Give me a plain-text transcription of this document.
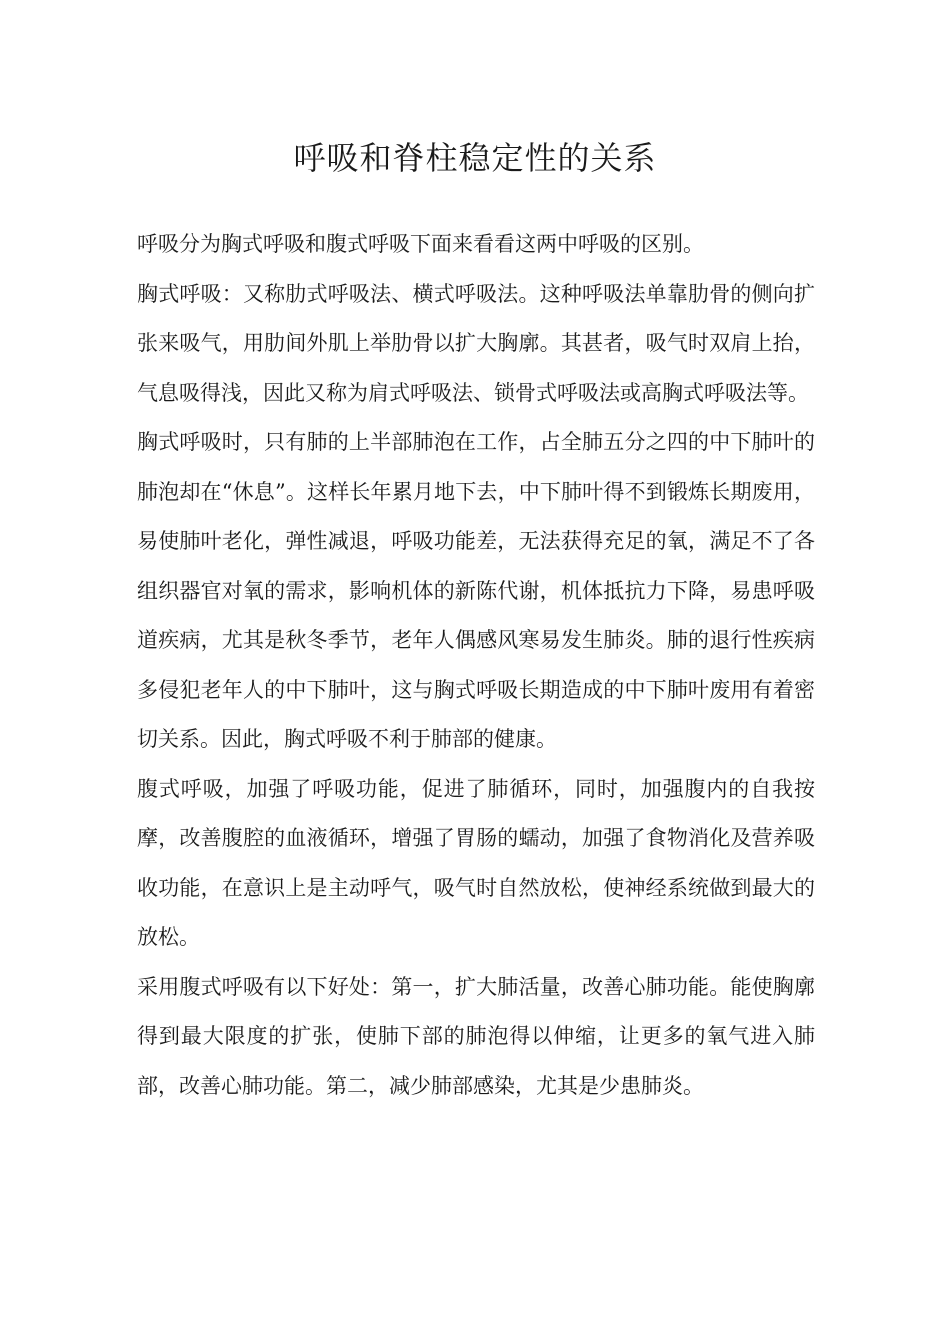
呼吸和脊柱稳定性的关系

呼吸分为胸式呼吸和腹式呼吸下面来看看这两中呼吸的区别。

胸式呼吸：又称肋式呼吸法、横式呼吸法。这种呼吸法单靠肋骨的侧向扩张来吸气，用肋间外肌上举肋骨以扩大胸廓。其甚者，吸气时双肩上抬，气息吸得浅，因此又称为肩式呼吸法、锁骨式呼吸法或高胸式呼吸法等。

胸式呼吸时，只有肺的上半部肺泡在工作，占全肺五分之四的中下肺叶的肺泡却在“休息”。这样长年累月地下去，中下肺叶得不到锻炼长期废用，易使肺叶老化，弹性减退，呼吸功能差，无法获得充足的氧，满足不了各组织器官对氧的需求，影响机体的新陈代谢，机体抵抗力下降，易患呼吸道疾病，尤其是秋冬季节，老年人偶感风寒易发生肺炎。肺的退行性疾病多侵犯老年人的中下肺叶，这与胸式呼吸长期造成的中下肺叶废用有着密切关系。因此，胸式呼吸不利于肺部的健康。

腹式呼吸，加强了呼吸功能，促进了肺循环，同时，加强腹内的自我按摩，改善腹腔的血液循环，增强了胃肠的蠕动，加强了食物消化及营养吸收功能，在意识上是主动呼气，吸气时自然放松，使神经系统做到最大的放松。

采用腹式呼吸有以下好处：第一，扩大肺活量，改善心肺功能。能使胸廓得到最大限度的扩张，使肺下部的肺泡得以伸缩，让更多的氧气进入肺部，改善心肺功能。第二，减少肺部感染，尤其是少患肺炎。
